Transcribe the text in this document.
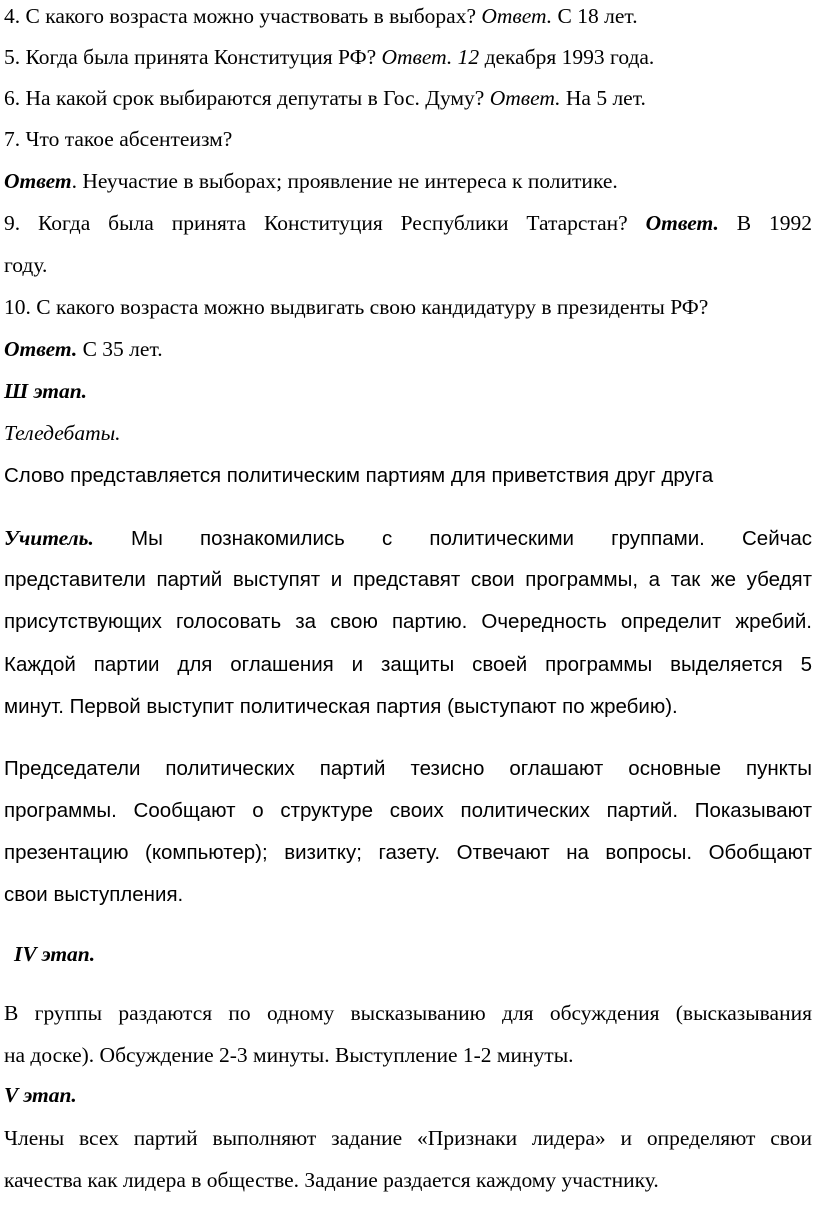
4. С какого возраста можно участвовать в выборах? Ответ. С 18 лет.
5. Когда была принята Конституция РФ? Ответ. 12 декабря 1993 года.
6. На какой срок выбираются депутаты в Гос. Думу? Ответ. На 5 лет.
7. Что такое абсентеизм?
Ответ. Неучастие в выборах; проявление не интереса к политике.
9. Когда была принята Конституция Республики Татарстан? Ответ. В 1992
году.
10. С какого возраста можно выдвигать свою кандидатуру в президенты РФ?
Ответ. С 35 лет.
Ш этап.
Теледебаты.
Слово представляется политическим партиям для приветствия друг друга
Учитель. Мы познакомились с политическими группами. Сейчас
представители партий выступят и представят свои программы, а так же убедят
присутствующих голосовать за свою партию. Очередность определит жребий.
Каждой партии для оглашения и защиты своей программы выделяется 5
минут. Первой выступит политическая партия (выступают по жребию).
Председатели политических партий тезисно оглашают основные пункты
программы. Сообщают о структуре своих политических партий. Показывают
презентацию (компьютер); визитку; газету. Отвечают на вопросы. Обобщают
свои выступления.
IV этап.
В группы раздаются по одному высказыванию для обсуждения (высказывания
на доске). Обсуждение 2-3 минуты. Выступление 1-2 минуты.
V этап.
Члены всех партий выполняют задание «Признаки лидера» и определяют свои
качества как лидера в обществе. Задание раздается каждому участнику.
